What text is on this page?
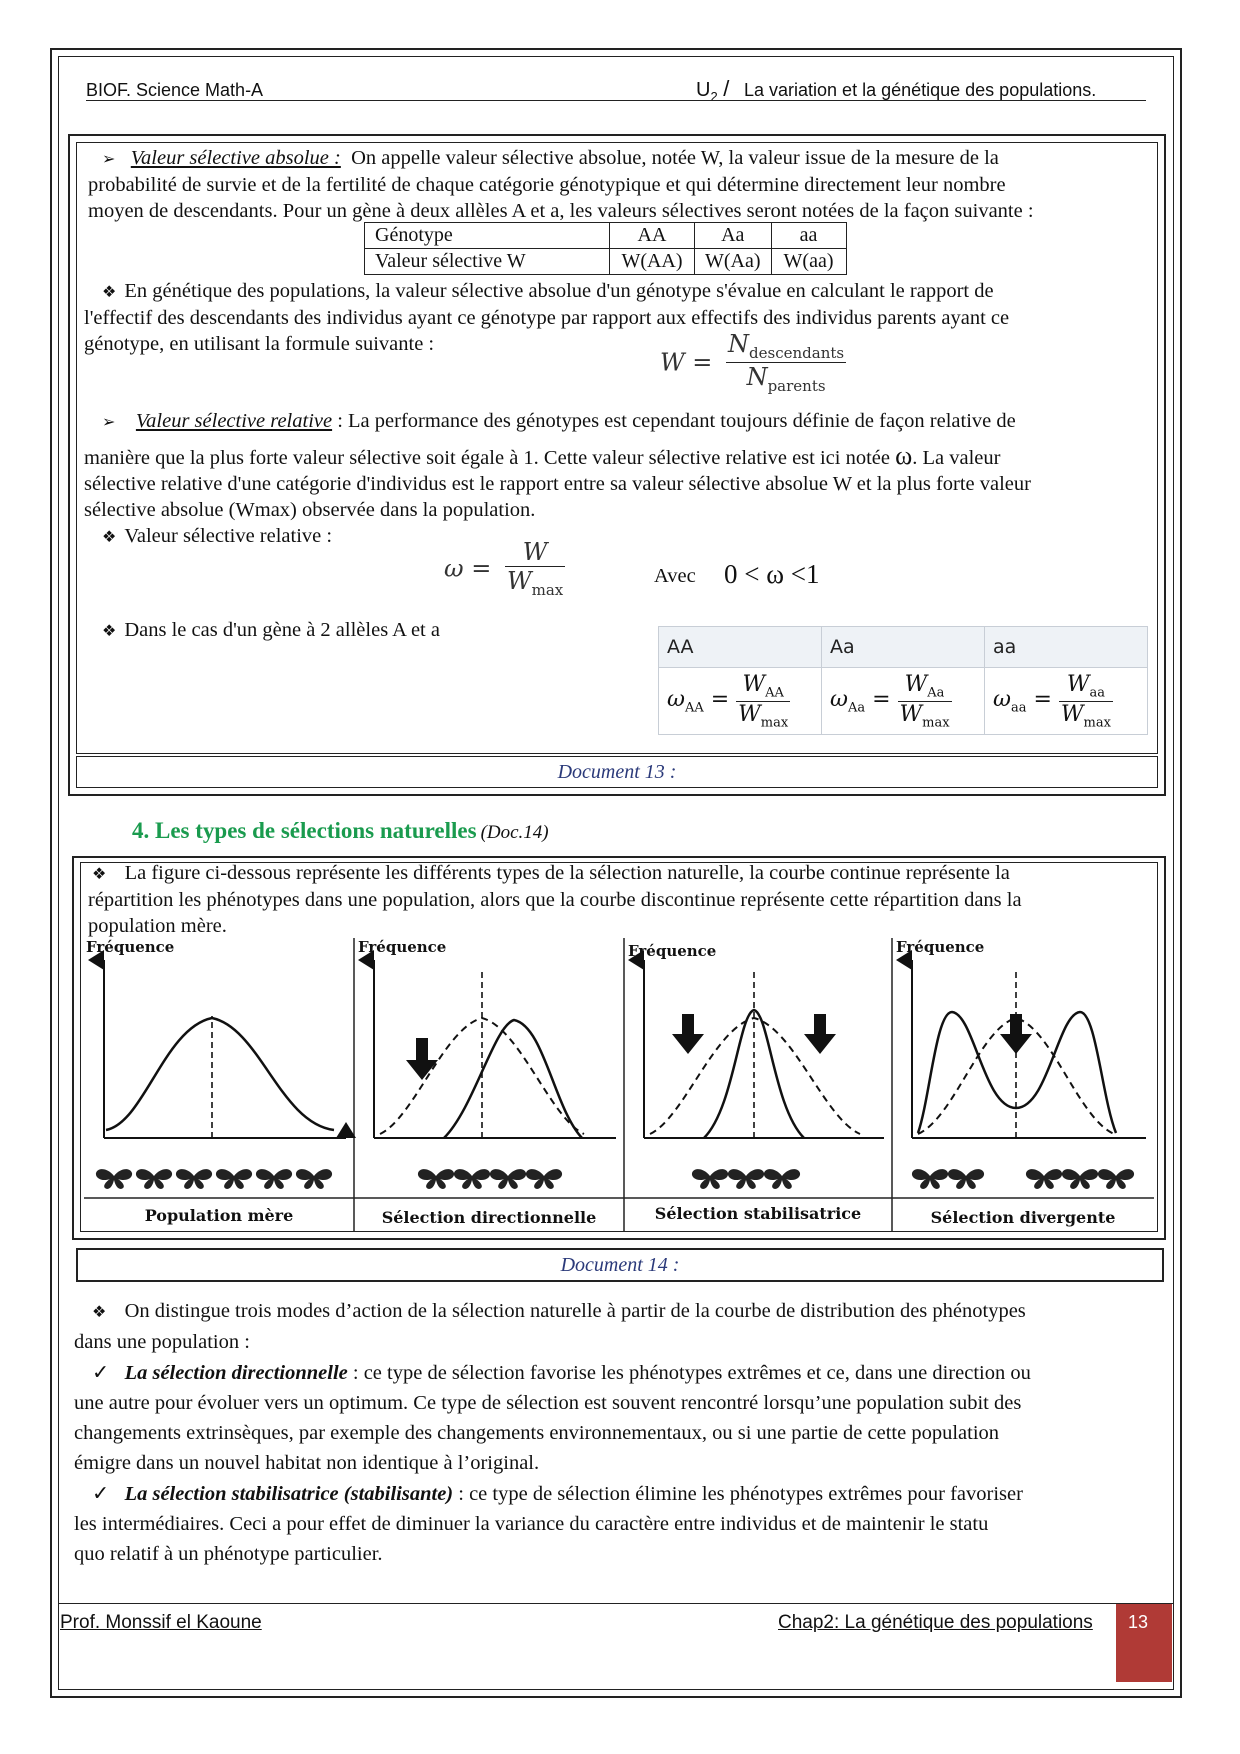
BIOF. Science Math-A	$U_2$ / La variation et la génétique des populations.
➢ Valeur sélective absolue : On appelle valeur sélective absolue, notée W, la valeur issue de la mesure de la
probabilité de survie et de la fertilité de chaque catégorie génotypique et qui détermine directement leur nombre
moyen de descendants. Pour un gène à deux allèles A et a, les valeurs sélectives seront notées de la façon suivante :
Génotype	AA	Aa	aa
Valeur sélective W	W(AA)	W(Aa)	W(aa)
❖ En génétique des populations, la valeur sélective absolue d'un génotype s'évalue en calculant le rapport de
l'effectif des descendants des individus ayant ce génotype par rapport aux effectifs des individus parents ayant ce
génotype, en utilisant la formule suivante :
$W = \frac{N_{descendants}}{N_{parents}}$
➢ Valeur sélective relative : La performance des génotypes est cependant toujours définie de façon relative de
manière que la plus forte valeur sélective soit égale à 1. Cette valeur sélective relative est ici notée ω. La valeur
sélective relative d'une catégorie d'individus est le rapport entre sa valeur sélective absolue W et la plus forte valeur
sélective absolue (Wmax) observée dans la population.
❖ Valeur sélective relative :
$\omega = \frac{W}{W_{max}}$	Avec 0 < ω <1
❖ Dans le cas d'un gène à 2 allèles A et a
AA	Aa	aa
$\omega_{AA} = \frac{W_{AA}}{W_{max}}$	$\omega_{Aa} = \frac{W_{Aa}}{W_{max}}$	$\omega_{aa} = \frac{W_{aa}}{W_{max}}$
Document 13 :
4. Les types de sélections naturelles (Doc.14)
❖ La figure ci-dessous représente les différents types de la sélection naturelle, la courbe continue représente la
répartition les phénotypes dans une population, alors que la courbe discontinue représente cette répartition dans la
population mère.
Fréquence	Fréquence	Fréquence	Fréquence
Population mère	Sélection directionnelle	Sélection stabilisatrice	Sélection divergente
Document 14 :
❖ On distingue trois modes d’action de la sélection naturelle à partir de la courbe de distribution des phénotypes
dans une population :
✓ La sélection directionnelle : ce type de sélection favorise les phénotypes extrêmes et ce, dans une direction ou
une autre pour évoluer vers un optimum. Ce type de sélection est souvent rencontré lorsqu’une population subit des
changements extrinsèques, par exemple des changements environnementaux, ou si une partie de cette population
émigre dans un nouvel habitat non identique à l’original.
✓ La sélection stabilisatrice (stabilisante) : ce type de sélection élimine les phénotypes extrêmes pour favoriser
les intermédiaires. Ceci a pour effet de diminuer la variance du caractère entre individus et de maintenir le statu
quo relatif à un phénotype particulier.
Prof. Monssif el Kaoune	Chap2: La génétique des populations	13
